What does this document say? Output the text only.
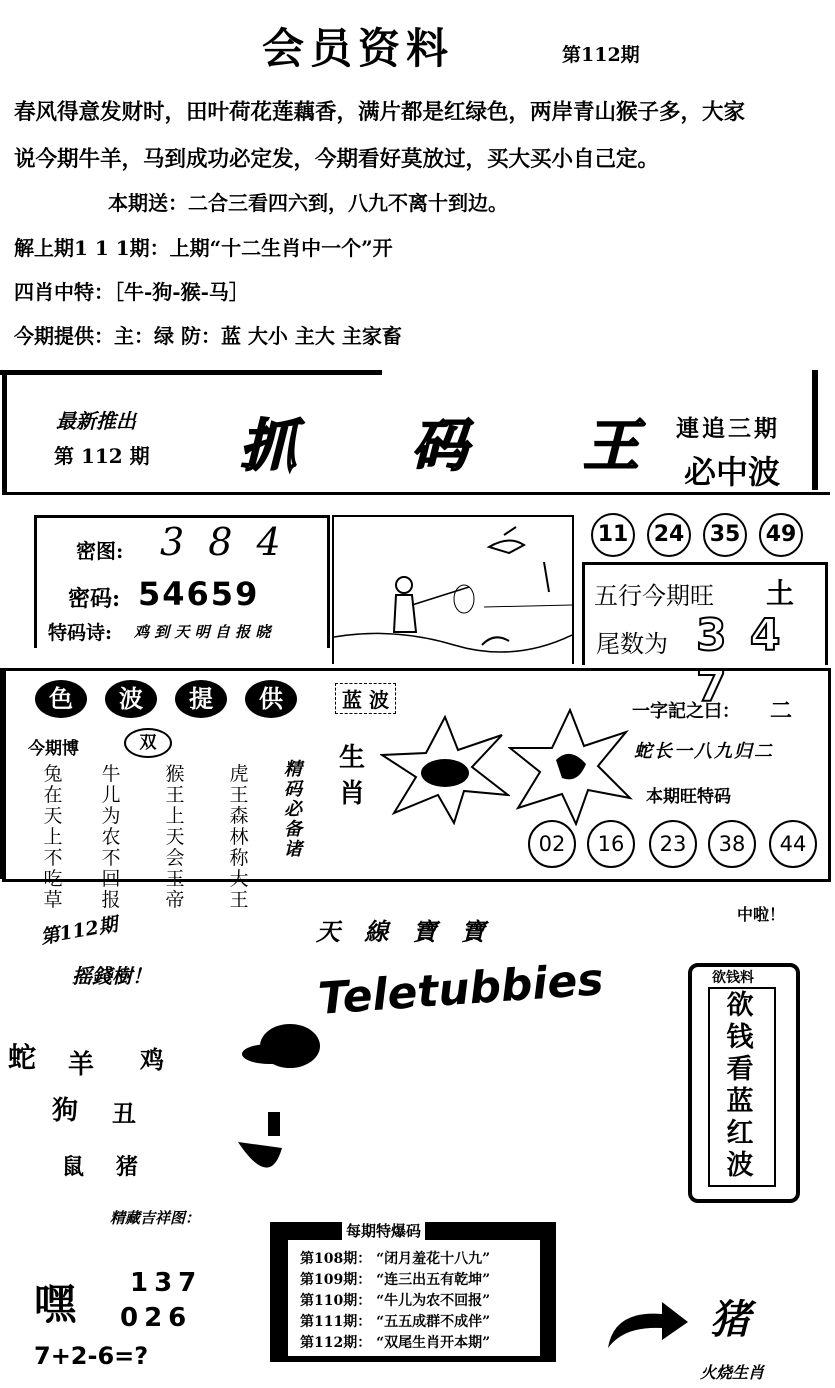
会员资料	第112期
春风得意发财时，田叶荷花莲藕香，满片都是红绿色，两岸青山猴子多，大家
说今期牛羊，马到成功必定发，今期看好莫放过，买大买小自己定。
本期送：二合三看四六到，八九不离十到边。
解上期1 1 1期：上期“十二生肖中一个”开
四肖中特：［牛-狗-猴-马］
今期提供：主：绿 防：蓝 大小 主大 主家畜
最新推出
第 112 期 抓 码 王
連追三期
必中波
密图: 3 8 4
密码: 54659
特码诗: 鸡 到 天 明 自 报 晓
11	24	35	49
五行今期旺 土
尾数为 3 4 7
色	波	提	供	蓝 波
今期博	双
兔在天上不吃草
牛儿为农不回报
猴王上天会玉帝
虎王森林称大王
精码必备诸
生肖
一字記之曰： 二
蛇长一八九归二
本期旺特码
02	16	23	38	44
第112期
摇錢樹！
天 線 寶 寶
Teletubbies
蛇 羊 鸡
狗 丑
鼠 猪
精藏吉祥图：
中啦！
欲钱料
欲
钱
看
蓝
红
波
嘿 137
026
7+2-6=?
每期特爆码
第108期： “闭月羞花十八九”
第109期： “连三出五有乾坤”
第110期： “牛儿为农不回报”
第111期： “五五成群不成伴”
第112期： “双尾生肖开本期”	猪
火烧生肖
